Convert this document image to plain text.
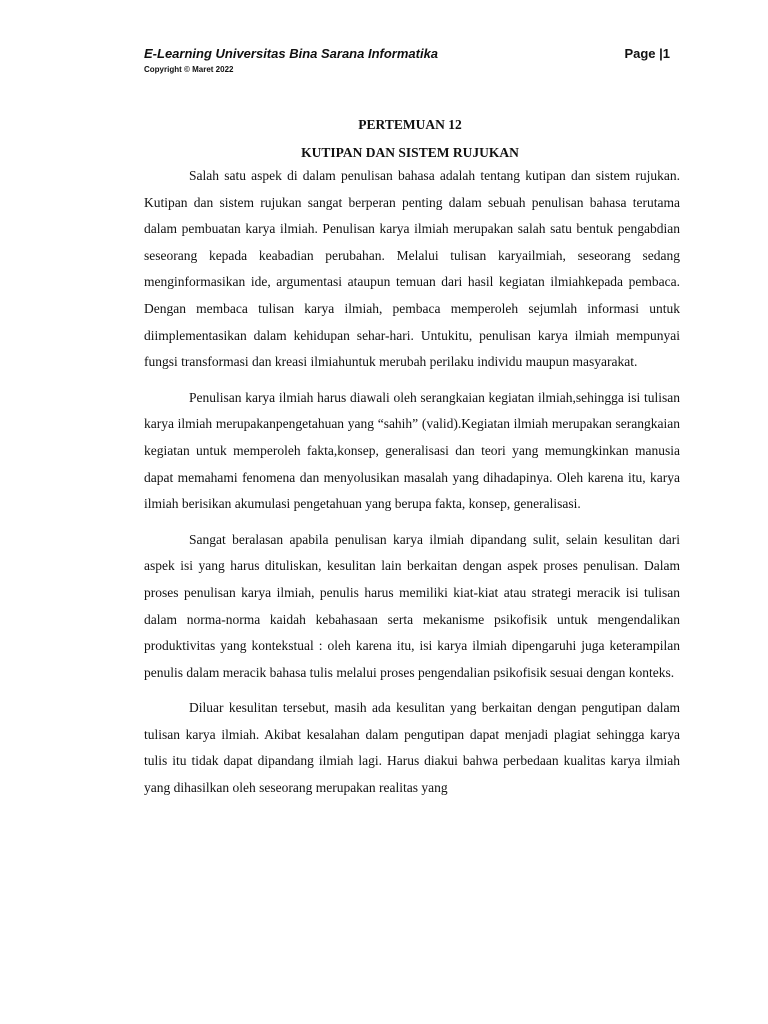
E-Learning Universitas Bina Sarana Informatika	Page |1
Copyright © Maret 2022
PERTEMUAN 12
KUTIPAN DAN SISTEM RUJUKAN

Salah satu aspek di dalam penulisan bahasa adalah tentang kutipan dan sistem rujukan. Kutipan dan sistem rujukan sangat berperan penting dalam sebuah penulisan bahasa terutama dalam pembuatan karya ilmiah. Penulisan karya ilmiah merupakan salah satu bentuk pengabdian seseorang kepada keabadian perubahan. Melalui tulisan karyailmiah, seseorang sedang menginformasikan ide, argumentasi ataupun temuan dari hasil kegiatan ilmiahkepada pembaca. Dengan membaca tulisan karya ilmiah, pembaca memperoleh sejumlah informasi untuk diimplementasikan dalam kehidupan sehar-hari. Untukitu, penulisan karya ilmiah mempunyai fungsi transformasi dan kreasi ilmiahuntuk merubah perilaku individu maupun masyarakat.

Penulisan karya ilmiah harus diawali oleh serangkaian kegiatan ilmiah,sehingga isi tulisan karya ilmiah merupakanpengetahuan yang “sahih” (valid).Kegiatan ilmiah merupakan serangkaian kegiatan untuk memperoleh fakta,konsep, generalisasi dan teori yang memungkinkan manusia dapat memahami fenomena dan menyolusikan masalah yang dihadapinya. Oleh karena itu, karya ilmiah berisikan akumulasi pengetahuan yang berupa fakta, konsep, generalisasi.

Sangat beralasan apabila penulisan karya ilmiah dipandang sulit, selain kesulitan dari aspek isi yang harus dituliskan, kesulitan lain berkaitan dengan aspek proses penulisan. Dalam proses penulisan karya ilmiah, penulis harus memiliki kiat-kiat atau strategi meracik isi tulisan dalam norma-norma kaidah kebahasaan serta mekanisme psikofisik untuk mengendalikan produktivitas yang kontekstual : oleh karena itu, isi karya ilmiah dipengaruhi juga keterampilan penulis dalam meracik bahasa tulis melalui proses pengendalian psikofisik sesuai dengan konteks.

Diluar kesulitan tersebut, masih ada kesulitan yang berkaitan dengan pengutipan dalam tulisan karya ilmiah. Akibat kesalahan dalam pengutipan dapat menjadi plagiat sehingga karya tulis itu tidak dapat dipandang ilmiah lagi. Harus diakui bahwa perbedaan kualitas karya ilmiah yang dihasilkan oleh seseorang merupakan realitas yang
